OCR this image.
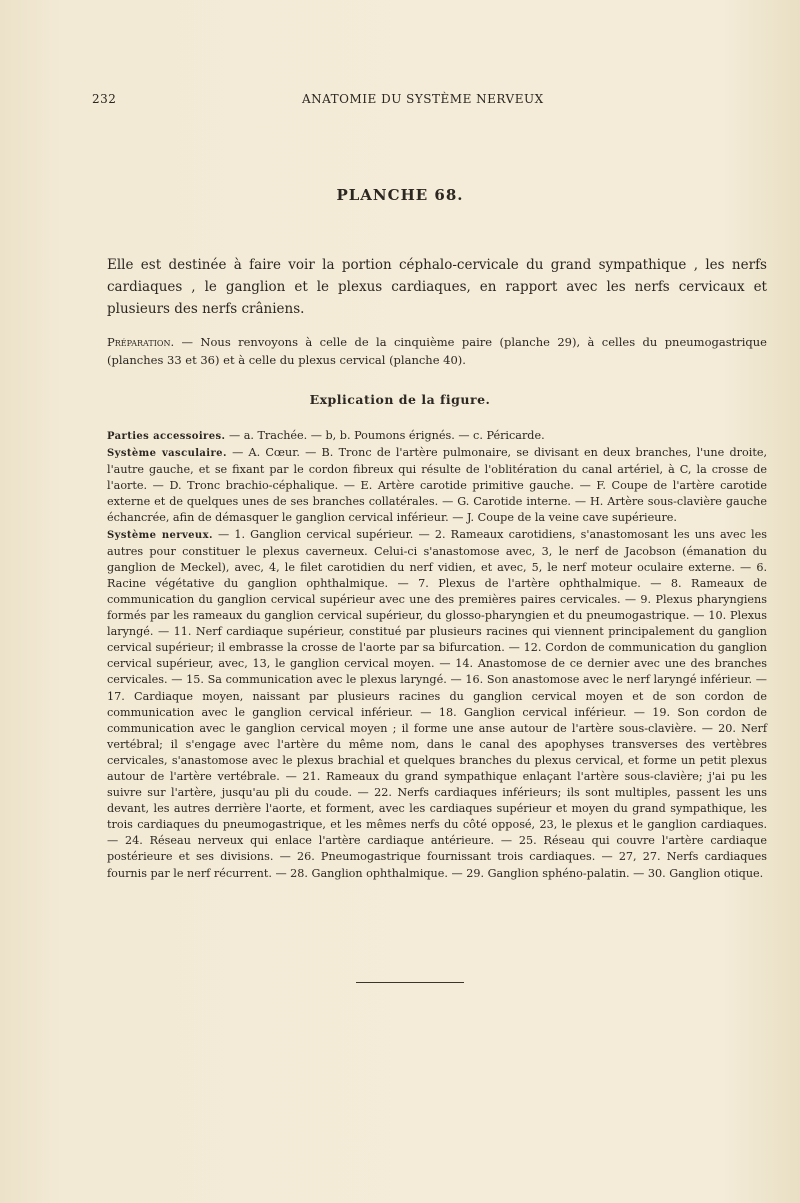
232	ANATOMIE DU SYSTÈME NERVEUX
PLANCHE 68.

Elle est destinée à faire voir la portion céphalo-cervicale du grand sympathique , les nerfs cardiaques , le ganglion et le plexus cardiaques, en rapport avec les nerfs cervicaux et plusieurs des nerfs crâniens.

Préparation. — Nous renvoyons à celle de la cinquième paire (planche 29), à celles du pneumogastrique (planches 33 et 36) et à celle du plexus cervical (planche 40).

Explication de la figure.

Parties accessoires. — a. Trachée. — b, b. Poumons érignés. — c. Péricarde.

Système vasculaire. — A. Cœur. — B. Tronc de l'artère pulmonaire, se divisant en deux branches, l'une droite, l'autre gauche, et se fixant par le cordon fibreux qui résulte de l'oblitération du canal artériel, à C, la crosse de l'aorte. — D. Tronc brachio-céphalique. — E. Artère carotide primitive gauche. — F. Coupe de l'artère carotide externe et de quelques unes de ses branches collatérales. — G. Carotide interne. — H. Artère sous-clavière gauche échancrée, afin de démasquer le ganglion cervical inférieur. — J. Coupe de la veine cave supérieure.

Système nerveux. — 1. Ganglion cervical supérieur. — 2. Rameaux carotidiens, s'anastomosant les uns avec les autres pour constituer le plexus caverneux. Celui-ci s'anastomose avec, 3, le nerf de Jacobson (émanation du ganglion de Meckel), avec, 4, le filet carotidien du nerf vidien, et avec, 5, le nerf moteur oculaire externe. — 6. Racine végétative du ganglion ophthalmique. — 7. Plexus de l'artère ophthalmique. — 8. Rameaux de communication du ganglion cervical supérieur avec une des premières paires cervicales. — 9. Plexus pharyngiens formés par les rameaux du ganglion cervical supérieur, du glosso-pharyngien et du pneumogastrique. — 10. Plexus laryngé. — 11. Nerf cardiaque supérieur, constitué par plusieurs racines qui viennent principalement du ganglion cervical supérieur; il embrasse la crosse de l'aorte par sa bifurcation. — 12. Cordon de communication du ganglion cervical supérieur, avec, 13, le ganglion cervical moyen. — 14. Anastomose de ce dernier avec une des branches cervicales. — 15. Sa communication avec le plexus laryngé. — 16. Son anastomose avec le nerf laryngé inférieur. — 17. Cardiaque moyen, naissant par plusieurs racines du ganglion cervical moyen et de son cordon de communication avec le ganglion cervical inférieur. — 18. Ganglion cervical inférieur. — 19. Son cordon de communication avec le ganglion cervical moyen ; il forme une anse autour de l'artère sous-clavière. — 20. Nerf vertébral; il s'engage avec l'artère du même nom, dans le canal des apophyses transverses des vertèbres cervicales, s'anastomose avec le plexus brachial et quelques branches du plexus cervical, et forme un petit plexus autour de l'artère vertébrale. — 21. Rameaux du grand sympathique enlaçant l'artère sous-clavière; j'ai pu les suivre sur l'artère, jusqu'au pli du coude. — 22. Nerfs cardiaques inférieurs; ils sont multiples, passent les uns devant, les autres derrière l'aorte, et forment, avec les cardiaques supérieur et moyen du grand sympathique, les trois cardiaques du pneumogastrique, et les mêmes nerfs du côté opposé, 23, le plexus et le ganglion cardiaques. — 24. Réseau nerveux qui enlace l'artère cardiaque antérieure. — 25. Réseau qui couvre l'artère cardiaque postérieure et ses divisions. — 26. Pneumogastrique fournissant trois cardiaques. — 27, 27. Nerfs cardiaques fournis par le nerf récurrent. — 28. Ganglion ophthalmique. — 29. Ganglion sphéno-palatin. — 30. Ganglion otique.
